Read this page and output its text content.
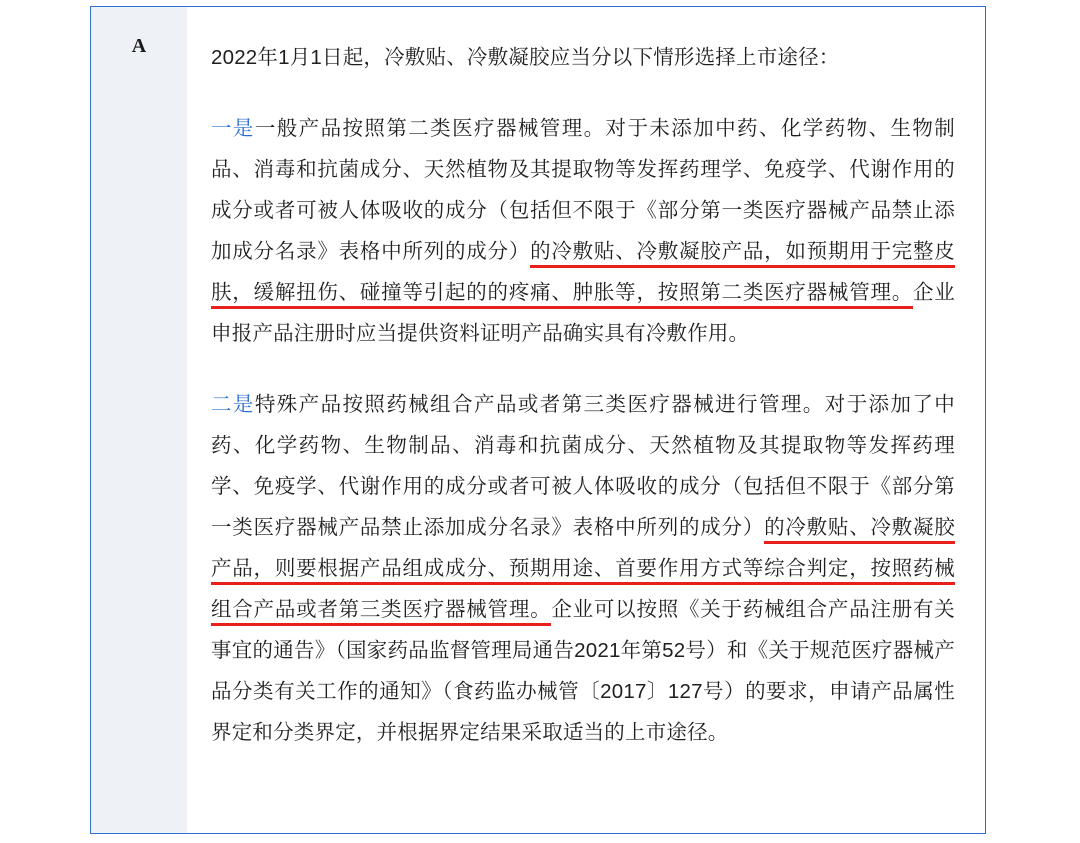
A	2022年1月1日起，冷敷贴、冷敷凝胶应当分以下情形选择上市途径：

一是一般产品按照第二类医疗器械管理。对于未添加中药、化学药物、生物制品、消毒和抗菌成分、天然植物及其提取物等发挥药理学、免疫学、代谢作用的成分或者可被人体吸收的成分（包括但不限于《部分第一类医疗器械产品禁止添加成分名录》表格中所列的成分）的冷敷贴、冷敷凝胶产品，如预期用于完整皮肤，缓解扭伤、碰撞等引起的的疼痛、肿胀等，按照第二类医疗器械管理。企业申报产品注册时应当提供资料证明产品确实具有冷敷作用。

二是特殊产品按照药械组合产品或者第三类医疗器械进行管理。对于添加了中药、化学药物、生物制品、消毒和抗菌成分、天然植物及其提取物等发挥药理学、免疫学、代谢作用的成分或者可被人体吸收的成分（包括但不限于《部分第一类医疗器械产品禁止添加成分名录》表格中所列的成分）的冷敷贴、冷敷凝胶产品，则要根据产品组成成分、预期用途、首要作用方式等综合判定，按照药械组合产品或者第三类医疗器械管理。企业可以按照《关于药械组合产品注册有关事宜的通告》（国家药品监督管理局通告2021年第52号）和《关于规范医疗器械产品分类有关工作的通知》（食药监办械管〔2017〕127号）的要求，申请产品属性界定和分类界定，并根据界定结果采取适当的上市途径。
